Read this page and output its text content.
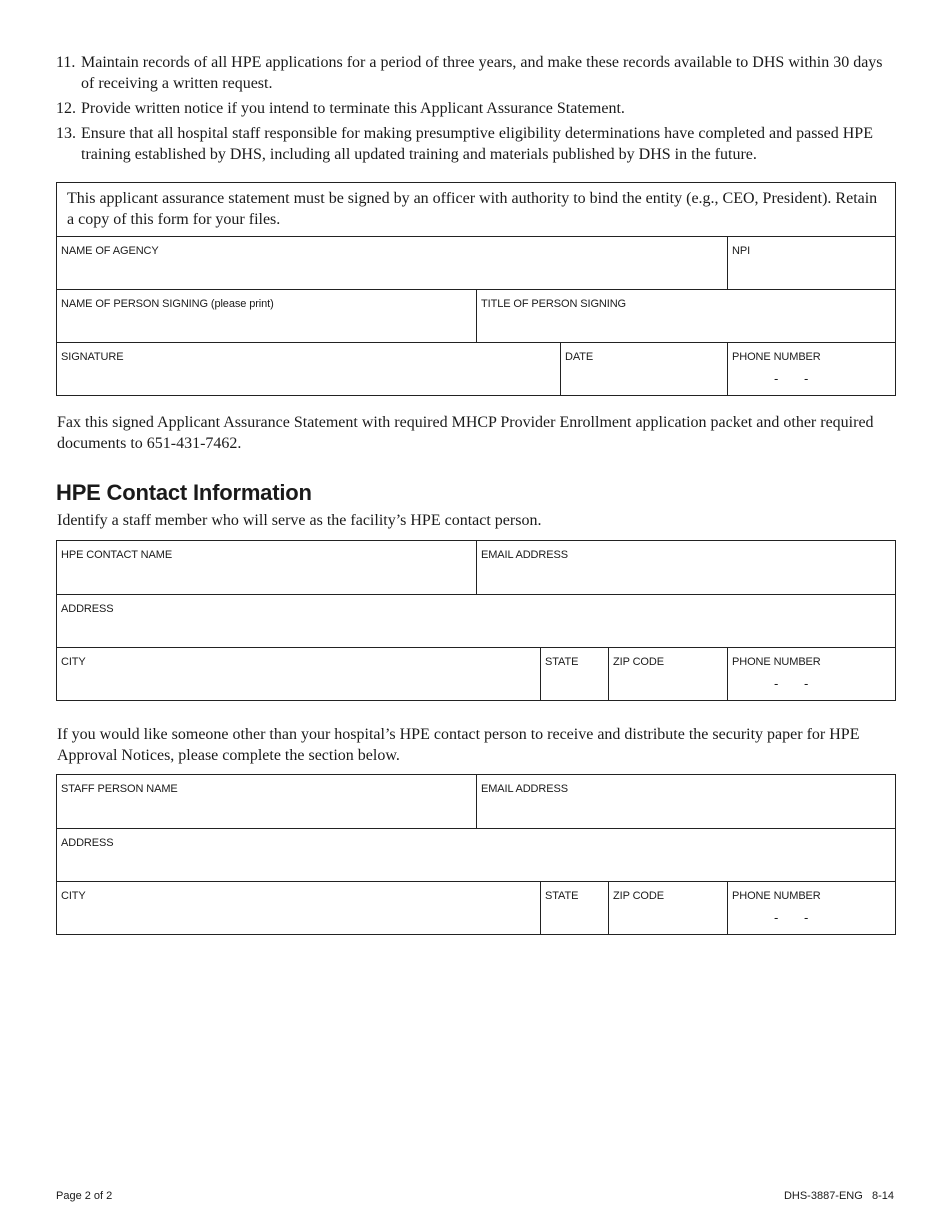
11. Maintain records of all HPE applications for a period of three years, and make these records available to DHS within 30 days of receiving a written request.
12. Provide written notice if you intend to terminate this Applicant Assurance Statement.
13. Ensure that all hospital staff responsible for making presumptive eligibility determinations have completed and passed HPE training established by DHS, including all updated training and materials published by DHS in the future.
This applicant assurance statement must be signed by an officer with authority to bind the entity (e.g., CEO, President). Retain a copy of this form for your files.
NAME OF AGENCY	NPI
NAME OF PERSON SIGNING (please print)	TITLE OF PERSON SIGNING
SIGNATURE	DATE	PHONE NUMBER
- -
Fax this signed Applicant Assurance Statement with required MHCP Provider Enrollment application packet and other required documents to 651-431-7462.
HPE Contact Information
Identify a staff member who will serve as the facility’s HPE contact person.
HPE CONTACT NAME	EMAIL ADDRESS
ADDRESS
CITY	STATE	ZIP CODE	PHONE NUMBER
- -
If you would like someone other than your hospital’s HPE contact person to receive and distribute the security paper for HPE Approval Notices, please complete the section below.
STAFF PERSON NAME	EMAIL ADDRESS
ADDRESS
CITY	STATE	ZIP CODE	PHONE NUMBER
- -
Page 2 of 2	DHS-3887-ENG   8-14
